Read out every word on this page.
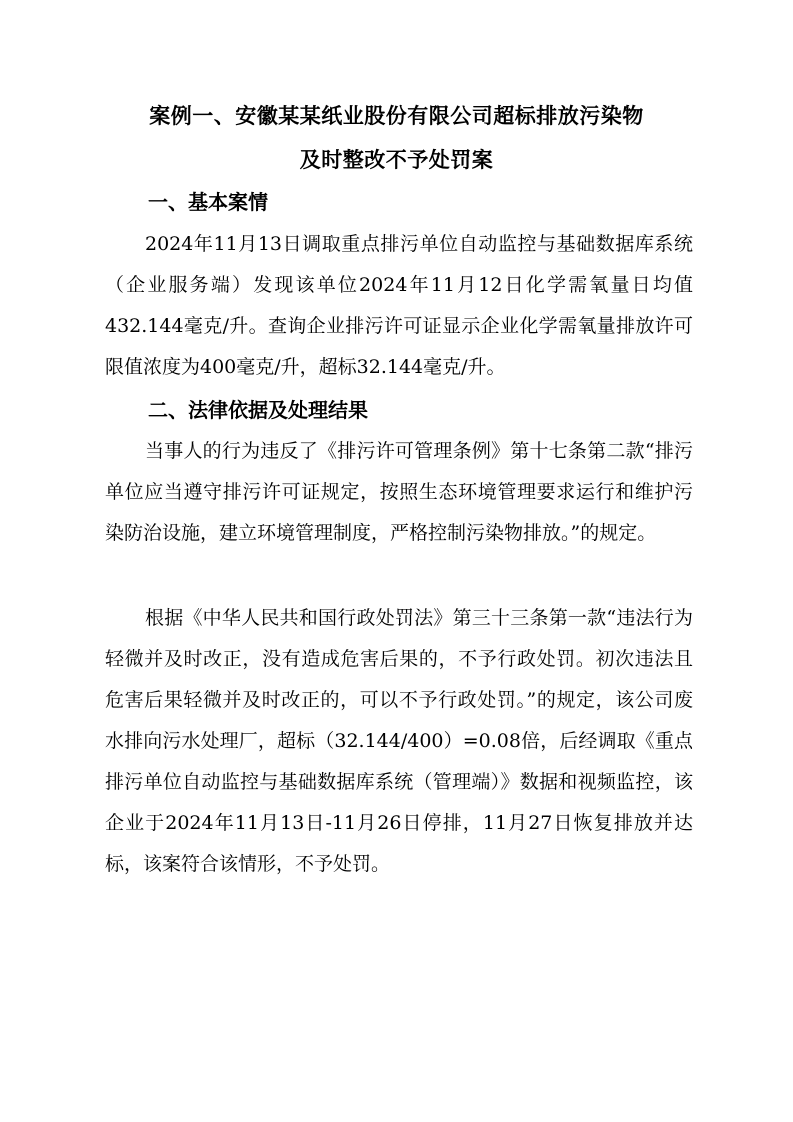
案例一、安徽某某纸业股份有限公司超标排放污染物
及时整改不予处罚案
一、基本案情

2024年11月13日调取重点排污单位自动监控与基础数据库系统（企业服务端）发现该单位2024年11月12日化学需氧量日均值432.144毫克/升。查询企业排污许可证显示企业化学需氧量排放许可限值浓度为400毫克/升，超标32.144毫克/升。

二、法律依据及处理结果

当事人的行为违反了《排污许可管理条例》第十七条第二款“排污单位应当遵守排污许可证规定，按照生态环境管理要求运行和维护污染防治设施，建立环境管理制度，严格控制污染物排放。”的规定。

根据《中华人民共和国行政处罚法》第三十三条第一款“违法行为轻微并及时改正，没有造成危害后果的，不予行政处罚。初次违法且危害后果轻微并及时改正的，可以不予行政处罚。”的规定，该公司废水排向污水处理厂，超标（32.144/400）=0.08倍，后经调取《重点排污单位自动监控与基础数据库系统（管理端）》数据和视频监控，该企业于2024年11月13日-11月26日停排，11月27日恢复排放并达标，该案符合该情形，不予处罚。
